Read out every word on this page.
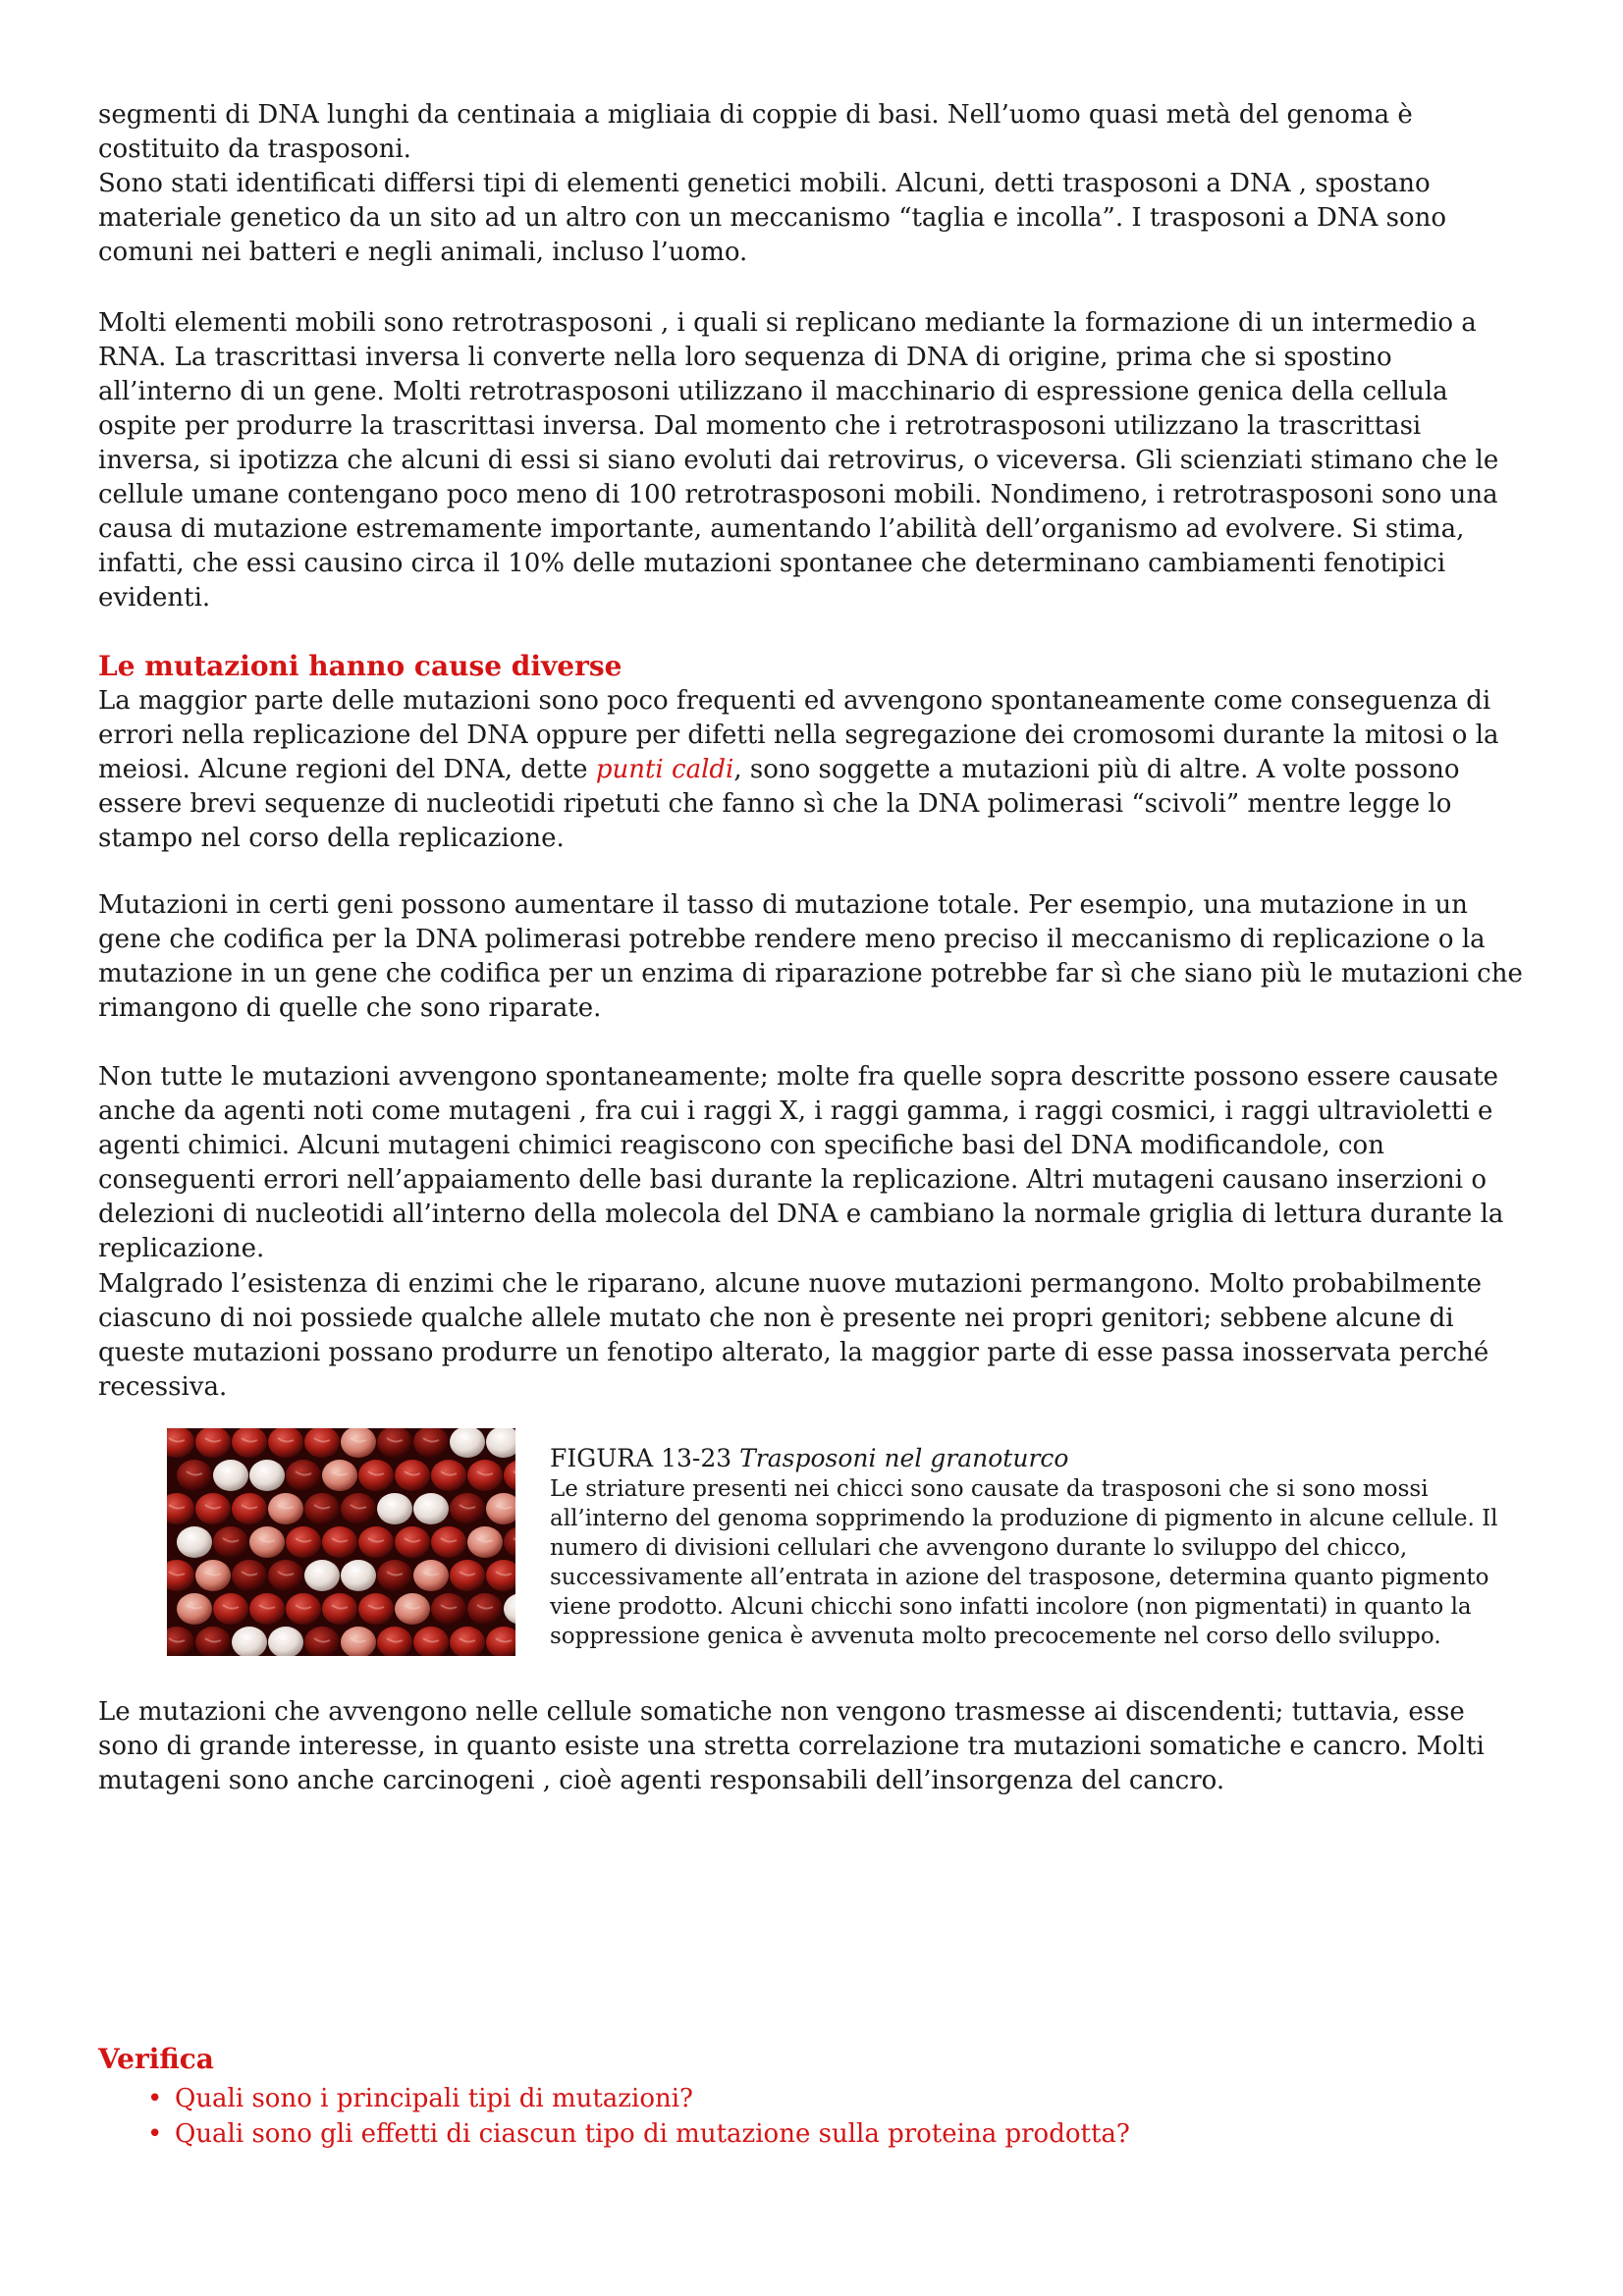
segmenti di DNA lunghi da centinaia a migliaia di coppie di basi. Nell’uomo quasi metà del genoma è costituito da trasposoni.

Sono stati identificati differsi tipi di elementi genetici mobili. Alcuni, detti trasposoni a DNA , spostano materiale genetico da un sito ad un altro con un meccanismo “taglia e incolla”. I trasposoni a DNA sono comuni nei batteri e negli animali, incluso l’uomo.

Molti elementi mobili sono retrotrasposoni , i quali si replicano mediante la formazione di un intermedio a RNA. La trascrittasi inversa li converte nella loro sequenza di DNA di origine, prima che si spostino all’interno di un gene. Molti retrotrasposoni utilizzano il macchinario di espressione genica della cellula ospite per produrre la trascrittasi inversa. Dal momento che i retrotrasposoni utilizzano la trascrittasi inversa, si ipotizza che alcuni di essi si siano evoluti dai retrovirus, o viceversa. Gli scienziati stimano che le cellule umane contengano poco meno di 100 retrotrasposoni mobili. Nondimeno, i retrotrasposoni sono una causa di mutazione estremamente importante, aumentando l’abilità dell’organismo ad evolvere. Si stima, infatti, che essi causino circa il 10% delle mutazioni spontanee che determinano cambiamenti fenotipici evidenti.

Le mutazioni hanno cause diverse

La maggior parte delle mutazioni sono poco frequenti ed avvengono spontaneamente come conseguenza di errori nella replicazione del DNA oppure per difetti nella segregazione dei cromosomi durante la mitosi o la meiosi. Alcune regioni del DNA, dette punti caldi, sono soggette a mutazioni più di altre. A volte possono essere brevi sequenze di nucleotidi ripetuti che fanno sì che la DNA polimerasi “scivoli” mentre legge lo stampo nel corso della replicazione.

Mutazioni in certi geni possono aumentare il tasso di mutazione totale. Per esempio, una mutazione in un gene che codifica per la DNA polimerasi potrebbe rendere meno preciso il meccanismo di replicazione o la mutazione in un gene che codifica per un enzima di riparazione potrebbe far sì che siano più le mutazioni che rimangono di quelle che sono riparate.

Non tutte le mutazioni avvengono spontaneamente; molte fra quelle sopra descritte possono essere causate anche da agenti noti come mutageni , fra cui i raggi X, i raggi gamma, i raggi cosmici, i raggi ultravioletti e agenti chimici. Alcuni mutageni chimici reagiscono con specifiche basi del DNA modificandole, con conseguenti errori nell’appaiamento delle basi durante la replicazione. Altri mutageni causano inserzioni o delezioni di nucleotidi all’interno della molecola del DNA e cambiano la normale griglia di lettura durante la replicazione.

Malgrado l’esistenza di enzimi che le riparano, alcune nuove mutazioni permangono. Molto probabilmente ciascuno di noi possiede qualche allele mutato che non è presente nei propri genitori; sebbene alcune di queste mutazioni possano produrre un fenotipo alterato, la maggior parte di esse passa inosservata perché recessiva.

FIGURA 13-23 Trasposoni nel granoturco
Le striature presenti nei chicci sono causate da trasposoni che si sono mossi all’interno del genoma sopprimendo la produzione di pigmento in alcune cellule. Il numero di divisioni cellulari che avvengono durante lo sviluppo del chicco, successivamente all’entrata in azione del trasposone, determina quanto pigmento viene prodotto. Alcuni chicchi sono infatti incolore (non pigmentati) in quanto la soppressione genica è avvenuta molto precocemente nel corso dello sviluppo.

Le mutazioni che avvengono nelle cellule somatiche non vengono trasmesse ai discendenti; tuttavia, esse sono di grande interesse, in quanto esiste una stretta correlazione tra mutazioni somatiche e cancro. Molti mutageni sono anche carcinogeni , cioè agenti responsabili dell’insorgenza del cancro.

Verifica
• Quali sono i principali tipi di mutazioni?
• Quali sono gli effetti di ciascun tipo di mutazione sulla proteina prodotta?
